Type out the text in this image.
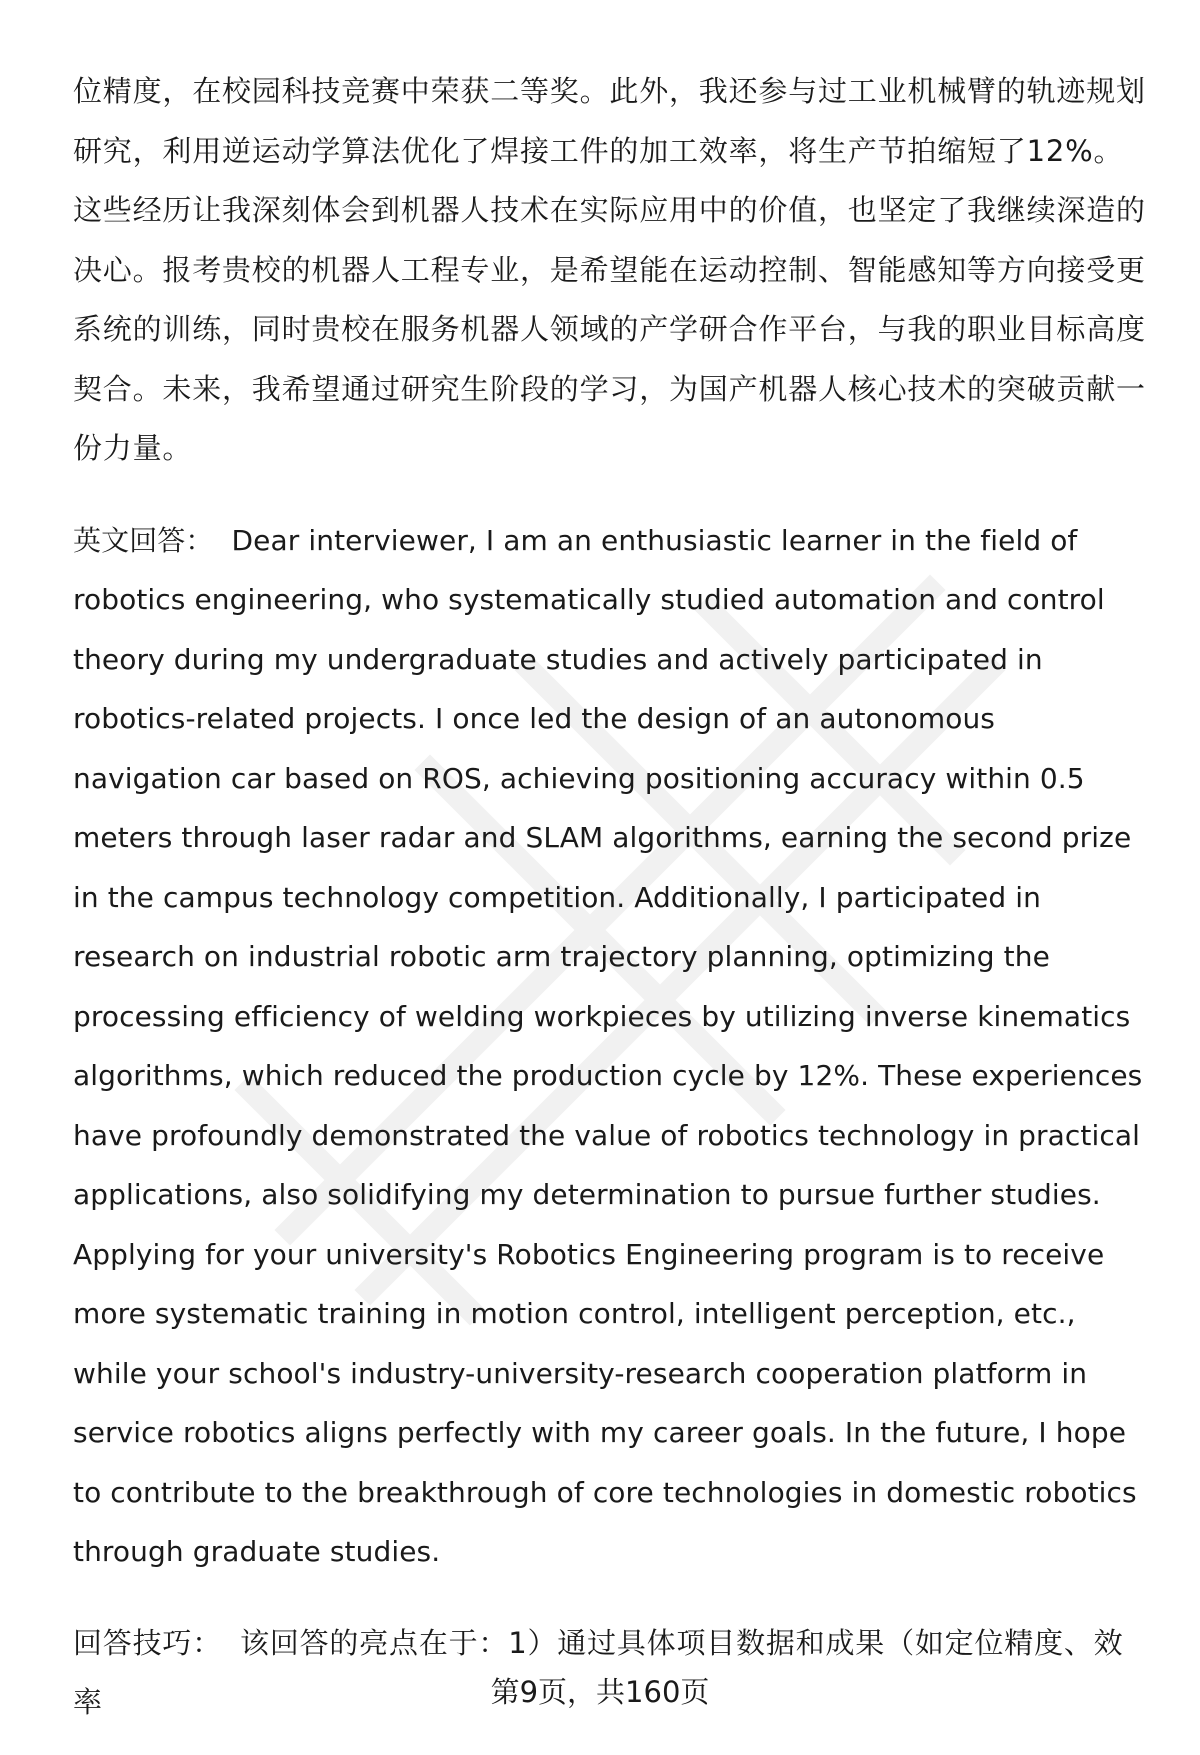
位精度，在校园科技竞赛中荣获二等奖。此外，我还参与过工业机械臂的轨迹规划研究，利用逆运动学算法优化了焊接工件的加工效率，将生产节拍缩短了12%。这些经历让我深刻体会到机器人技术在实际应用中的价值，也坚定了我继续深造的决心。报考贵校的机器人工程专业，是希望能在运动控制、智能感知等方向接受更系统的训练，同时贵校在服务机器人领域的产学研合作平台，与我的职业目标高度契合。未来，我希望通过研究生阶段的学习，为国产机器人核心技术的突破贡献一份力量。

英文回答： Dear interviewer, I am an enthusiastic learner in the field of robotics engineering, who systematically studied automation and control theory during my undergraduate studies and actively participated in robotics-related projects. I once led the design of an autonomous navigation car based on ROS, achieving positioning accuracy within 0.5 meters through laser radar and SLAM algorithms, earning the second prize in the campus technology competition. Additionally, I participated in research on industrial robotic arm trajectory planning, optimizing the processing efficiency of welding workpieces by utilizing inverse kinematics algorithms, which reduced the production cycle by 12%. These experiences have profoundly demonstrated the value of robotics technology in practical applications, also solidifying my determination to pursue further studies. Applying for your university's Robotics Engineering program is to receive more systematic training in motion control, intelligent perception, etc., while your school's industry-university-research cooperation platform in service robotics aligns perfectly with my career goals. In the future, I hope to contribute to the breakthrough of core technologies in domestic robotics through graduate studies.

回答技巧： 该回答的亮点在于：1）通过具体项目数据和成果（如定位精度、效率	第9页，共160页
